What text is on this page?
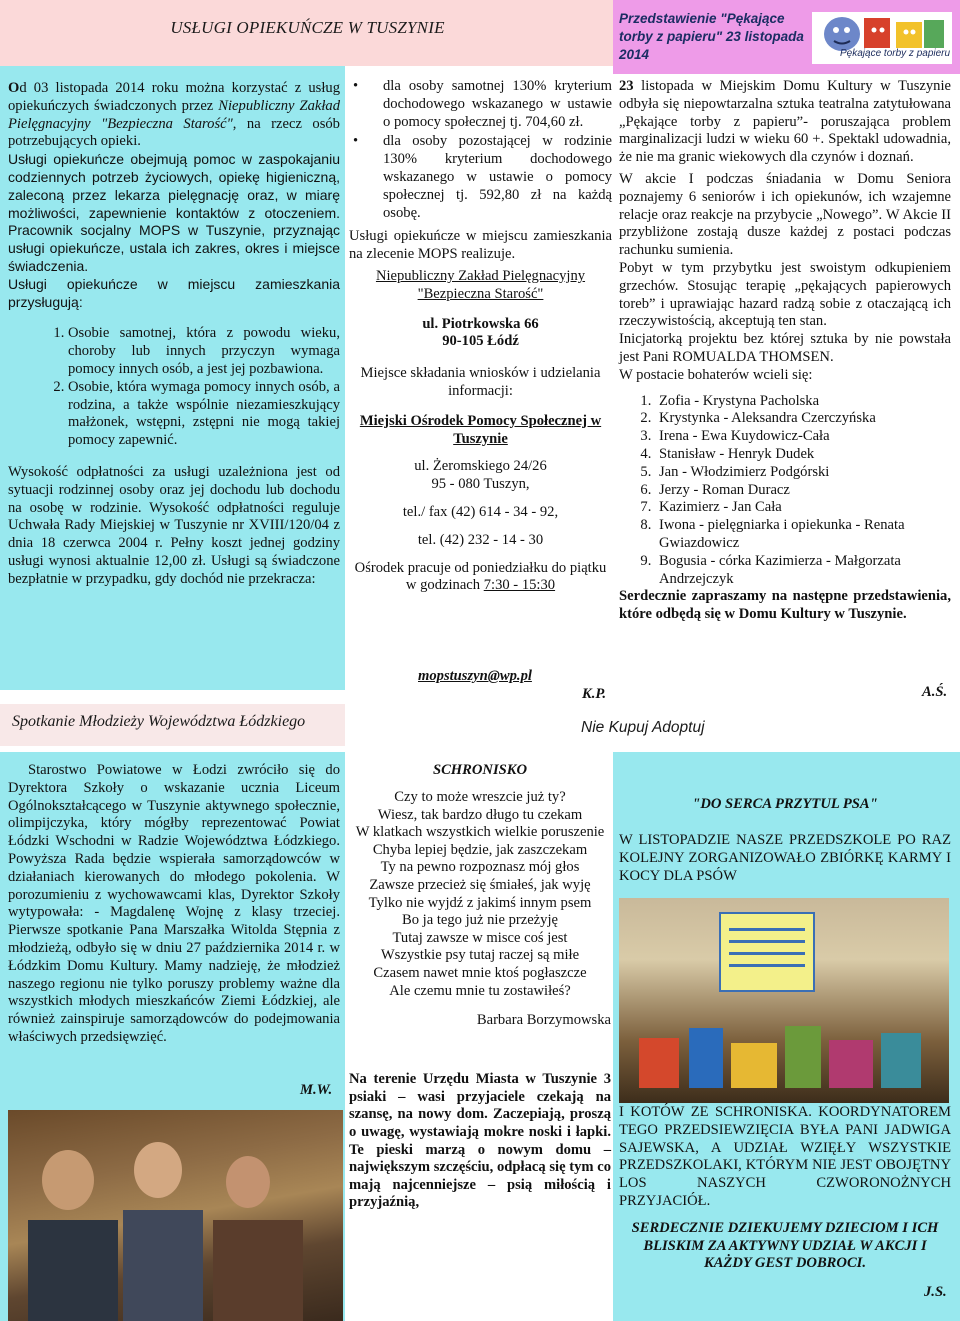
USŁUGI OPIEKUŃCZE W TUSZYNIE	Przedstawienie "Pękające torby z papieru" 23 listopada 2014	Pękające torby z papieru

Od 03 listopada 2014 roku można korzystać z usług opiekuńczych świadczonych przez Niepubliczny Zakład Pielęgnacyjny "Bezpieczna Starość", na rzecz osób potrzebujących opieki.

Usługi opiekuńcze obejmują pomoc w zaspokajaniu codziennych potrzeb życiowych, opiekę higieniczną, zaleconą przez lekarza pielęgnację oraz, w miarę możliwości, zapewnienie kontaktów z otoczeniem. Pracownik socjalny MOPS w Tuszynie, przyznając usługi opiekuńcze, ustala ich zakres, okres i miejsce świadczenia.

Usługi opiekuńcze w miejscu zamieszkania przysługują:

1. Osobie samotnej, która z powodu wieku, choroby lub innych przyczyn wymaga pomocy innych osób, a jest jej pozbawiona.
2. Osobie, która wymaga pomocy innych osób, a rodzina, a także wspólnie niezamieszkujący małżonek, wstępni, zstępni nie mogą takiej pomocy zapewnić.

Wysokość odpłatności za usługi uzależniona jest od sytuacji rodzinnej osoby oraz jej dochodu lub dochodu na osobę w rodzinie. Wysokość odpłatności reguluje Uchwała Rady Miejskiej w Tuszynie nr XVIII/120/04 z dnia 18 czerwca 2004 r. Pełny koszt jednej godziny usługi wynosi aktualnie 12,00 zł. Usługi są świadczone bezpłatnie w przypadku, gdy dochód nie przekracza:

• dla osoby samotnej 130% kryterium dochodowego wskazanego w ustawie o pomocy społecznej tj. 704,60 zł.
• dla osoby pozostającej w rodzinie 130% kryterium dochodowego wskazanego w ustawie o pomocy społecznej tj. 592,80 zł na każdą osobę.

Usługi opiekuńcze w miejscu zamieszkania na zlecenie MOPS realizuje.

Niepubliczny Zakład Pielęgnacyjny "Bezpieczna Starość"

ul. Piotrkowska 66

90-105 Łódź

Miejsce składania wniosków i udzielania informacji:

Miejski Ośrodek Pomocy Społecznej w Tuszynie

ul. Żeromskiego 24/26

95 - 080 Tuszyn,

tel./ fax (42) 614 - 34 - 92,

tel. (42) 232 - 14 - 30

Ośrodek pracuje od poniedziałku do piątku

w godzinach 7:30 - 15:30

mopstuszyn@wp.pl
K.P.

23 listopada w Miejskim Domu Kultury w Tuszynie odbyła się niepowtarzalna sztuka teatralna zatytułowana „Pękające torby z papieru”- poruszająca problem marginalizacji ludzi w wieku 60 +. Spektakl udowadnia, że nie ma granic wiekowych dla czynów i doznań.

W akcie I podczas śniadania w Domu Seniora poznajemy 6 seniorów i ich opiekunów, ich wzajemne relacje oraz reakcje na przybycie „Nowego”. W Akcie II przybliżone zostają dusze każdej z postaci podczas rachunku sumienia.

Pobyt w tym przybytku jest swoistym odkupieniem grzechów. Stosując terapię „pękających papierowych toreb” i uprawiając hazard radzą sobie z otaczającą ich rzeczywistością, akceptują ten stan.

Inicjatorką projektu bez której sztuka by nie powstała jest Pani ROMUALDA THOMSEN.

W postacie bohaterów wcieli się:

1. Zofia - Krystyna Pacholska
2. Krystynka - Aleksandra Czerczyńska
3. Irena - Ewa Kuydowicz-Cała
4. Stanisław - Henryk Dudek
5. Jan - Włodzimierz Podgórski
6. Jerzy - Roman Duracz
7. Kazimierz - Jan Cała
8. Iwona - pielęgniarka i opiekunka - Renata Gwiazdowicz
9. Bogusia - córka Kazimierza - Małgorzata Andrzejczyk

Serdecznie zapraszamy na następne przedstawienia, które odbędą się w Domu Kultury w Tuszynie.

A.Ś.
Spotkanie Młodzieży Województwa Łódzkiego	Nie Kupuj Adoptuj

Starostwo Powiatowe w Łodzi zwróciło się do Dyrektora Szkoły o wskazanie ucznia Liceum Ogólnokształcącego w Tuszynie aktywnego społecznie, olimpijczyka, który mógłby reprezentować Powiat Łódzki Wschodni w Radzie Województwa Łódzkiego. Powyższa Rada będzie wspierała samorządowców w działaniach kierowanych do młodego pokolenia. W porozumieniu z wychowawcami klas, Dyrektor Szkoły wytypowała: - Magdalenę Wojnę z klasy trzeciej. Pierwsze spotkanie Pana Marszałka Witolda Stępnia z młodzieżą, odbyło się w dniu 27 października 2014 r. w Łódzkim Domu Kultury. Mamy nadzieję, że młodzież naszego regionu nie tylko poruszy problemy ważne dla wszystkich młodych mieszkańców Ziemi Łódzkiej, ale również zainspiruje samorządowców do podejmowania właściwych przedsięwzięć.

M.W.

SCHRONISKO

Czy to może wreszcie już ty?

Wiesz, tak bardzo długo tu czekam

W klatkach wszystkich wielkie poruszenie

Chyba lepiej będzie, jak zaszczekam

Ty na pewno rozpoznasz mój głos

Zawsze przecież się śmiałeś, jak wyję

Tylko nie wyjdź z jakimś innym psem

Bo ja tego już nie przeżyję

Tutaj zawsze w misce coś jest

Wszystkie psy tutaj raczej są miłe

Czasem nawet mnie ktoś pogłaszcze

Ale czemu mnie tu zostawiłeś?

Barbara Borzymowska

Na terenie Urzędu Miasta w Tuszynie 3 psiaki – wasi przyjaciele czekają na szansę, na nowy dom. Zaczepiają, proszą o uwagę, wystawiają mokre noski i łapki. Te pieski marzą o nowym domu – największym szczęściu, odpłacą się tym co mają najcenniejsze – psią miłością i przyjaźnią,

"DO SERCA PRZYTUL PSA"
W LISTOPADZIE NASZE PRZEDSZKOLE PO RAZ KOLEJNY ZORGANIZOWAŁO ZBIÓRKĘ KARMY I KOCY DLA PSÓW
I KOTÓW ZE SCHRONISKA. KOORDYNATOREM TEGO PRZEDSIEWZIĘCIA BYŁA PANI JADWIGA SAJEWSKA, A UDZIAŁ WZIĘŁY WSZYSTKIE PRZEDSZKOLAKI, KTÓRYM NIE JEST OBOJĘTNY LOS NASZYCH CZWORONOŻNYCH PRZYJACIÓŁ.
SERDECZNIE DZIEKUJEMY DZIECIOM I ICH BLISKIM ZA AKTYWNY UDZIAŁ W AKCJI I KAŻDY GEST DOBROCI.
J.S.
